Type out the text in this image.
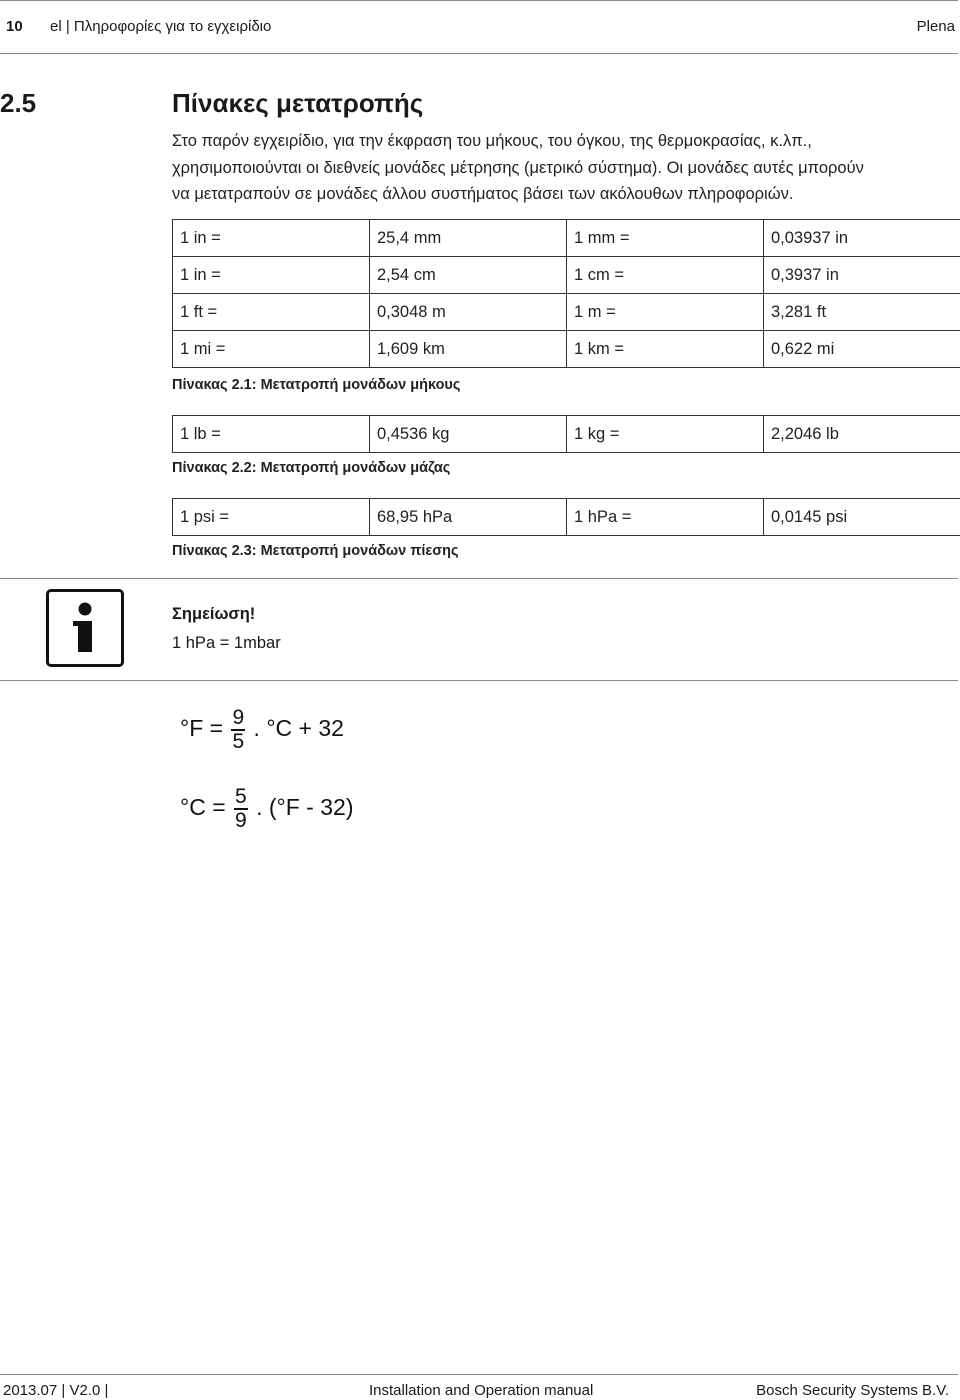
10 el | Πληροφορίες για το εγχειρίδιο	Plena
2.5	Πίνακες μετατροπής
Στο παρόν εγχειρίδιο, για την έκφραση του μήκους, του όγκου, της θερμοκρασίας, κ.λπ.,
χρησιμοποιούνται οι διεθνείς μονάδες μέτρησης (μετρικό σύστημα). Οι μονάδες αυτές μπορούν
να μετατραπούν σε μονάδες άλλου συστήματος βάσει των ακόλουθων πληροφοριών.
1 in =	25,4 mm	1 mm =	0,03937 in
1 in =	2,54 cm	1 cm =	0,3937 in
1 ft =	0,3048 m	1 m =	3,281 ft
1 mi =	1,609 km	1 km =	0,622 mi
Πίνακας 2.1: Μετατροπή μονάδων μήκους
1 lb =	0,4536 kg	1 kg =	2,2046 lb
Πίνακας 2.2: Μετατροπή μονάδων μάζας
1 psi =	68,95 hPa	1 hPa =	0,0145 psi
Πίνακας 2.3: Μετατροπή μονάδων πίεσης
Σημείωση!
1 hPa = 1mbar
$^\circ F = \frac{9}{5}$ . °C + 32
$^\circ C = \frac{5}{9}$ . (°F - 32)
2013.07 | V2.0 |	Installation and Operation manual	Bosch Security Systems B.V.
